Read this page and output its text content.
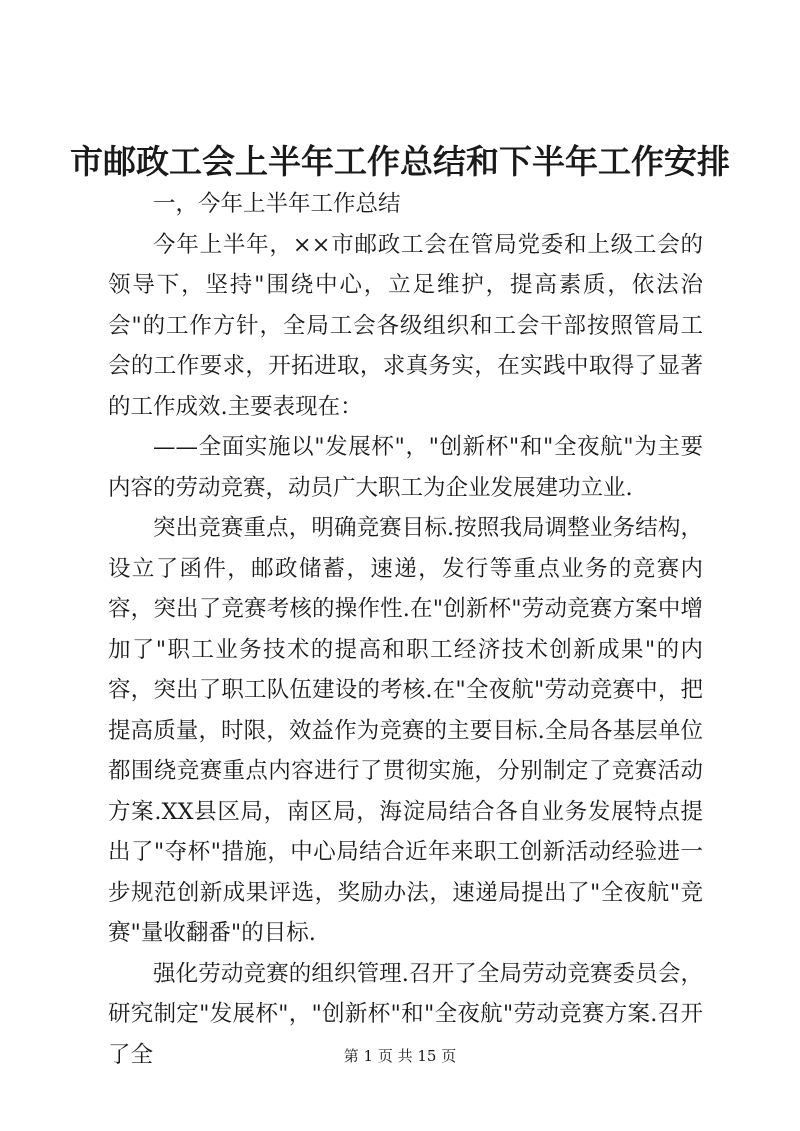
市邮政工会上半年工作总结和下半年工作安排

一，今年上半年工作总结

今年上半年，××市邮政工会在管局党委和上级工会的领导下，坚持"围绕中心，立足维护，提高素质，依法治会"的工作方针，全局工会各级组织和工会干部按照管局工会的工作要求，开拓进取，求真务实，在实践中取得了显著的工作成效.主要表现在：

——全面实施以"发展杯"，"创新杯"和"全夜航"为主要内容的劳动竞赛，动员广大职工为企业发展建功立业.

突出竞赛重点，明确竞赛目标.按照我局调整业务结构，设立了函件，邮政储蓄，速递，发行等重点业务的竞赛内容，突出了竞赛考核的操作性.在"创新杯"劳动竞赛方案中增加了"职工业务技术的提高和职工经济技术创新成果"的内容，突出了职工队伍建设的考核.在"全夜航"劳动竞赛中，把提高质量，时限，效益作为竞赛的主要目标.全局各基层单位都围绕竞赛重点内容进行了贯彻实施，分别制定了竞赛活动方案.XX县区局，南区局，海淀局结合各自业务发展特点提出了"夺杯"措施，中心局结合近年来职工创新活动经验进一步规范创新成果评选，奖励办法，速递局提出了"全夜航"竞赛"量收翻番"的目标.

强化劳动竞赛的组织管理.召开了全局劳动竞赛委员会，研究制定"发展杯"，"创新杯"和"全夜航"劳动竞赛方案.召开了全	第 1 页 共 15 页
